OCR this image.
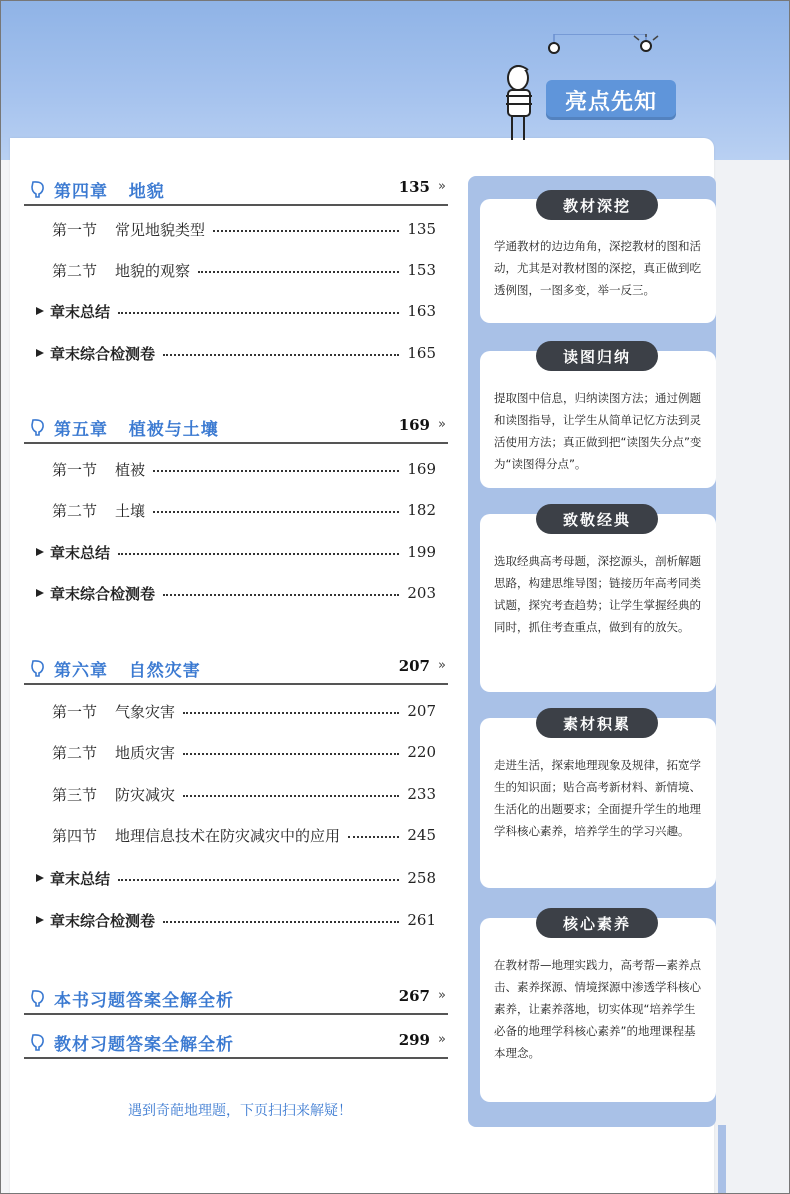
亮点先知
第四章   地貌	135 »
第一节 常见地貌类型	135
第二节 地貌的观察	153
章末总结	163
章末综合检测卷	165
第五章   植被与土壤	169 »
第一节 植被	169
第二节 土壤	182
章末总结	199
章末综合检测卷	203
第六章   自然灾害	207 »
第一节 气象灾害	207
第二节 地质灾害	220
第三节 防灾减灾	233
第四节 地理信息技术在防灾减灾中的应用	245
章末总结	258
章末综合检测卷	261
本书习题答案全解全析	267 »
教材习题答案全解全析	299 »
遇到奇葩地理题，下页扫扫来解疑！
学通教材的边边角角，深挖教材的图和活动，尤其是对教材图的深挖，真正做到吃透例图，一图多变，举一反三。
教材深挖
提取图中信息，归纳读图方法；通过例题和读图指导，让学生从简单记忆方法到灵活使用方法；真正做到把“读图失分点”变为“读图得分点”。
读图归纳
选取经典高考母题，深挖源头，剖析解题思路，构建思维导图；链接历年高考同类试题，探究考查趋势；让学生掌握经典的同时，抓住考查重点，做到有的放矢。
致敬经典
走进生活，探索地理现象及规律，拓宽学生的知识面；贴合高考新材料、新情境、生活化的出题要求；全面提升学生的地理学科核心素养，培养学生的学习兴趣。
素材积累
在教材帮—地理实践力，高考帮—素养点击、素养探源、情境探源中渗透学科核心素养，让素养落地，切实体现“培养学生必备的地理学科核心素养”的地理课程基本理念。
核心素养
